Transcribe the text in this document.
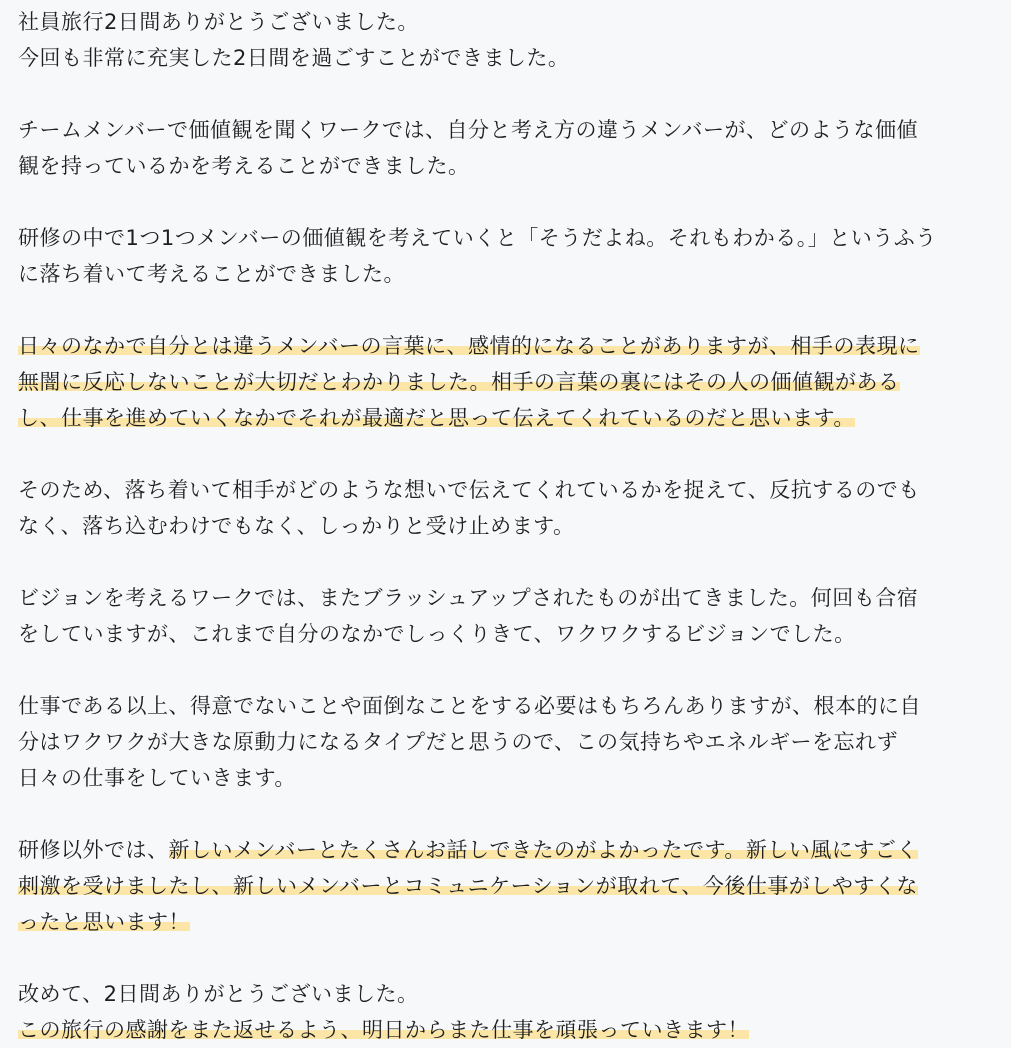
社員旅行2日間ありがとうございました。
今回も非常に充実した2日間を過ごすことができました。
チームメンバーで価値観を聞くワークでは、自分と考え方の違うメンバーが、どのような価値
観を持っているかを考えることができました。
研修の中で1つ1つメンバーの価値観を考えていくと「そうだよね。それもわかる。」というふう
に落ち着いて考えることができました。
日々のなかで自分とは違うメンバーの言葉に、感情的になることがありますが、相手の表現に
無闇に反応しないことが大切だとわかりました。相手の言葉の裏にはその人の価値観がある
し、仕事を進めていくなかでそれが最適だと思って伝えてくれているのだと思います。
そのため、落ち着いて相手がどのような想いで伝えてくれているかを捉えて、反抗するのでも
なく、落ち込むわけでもなく、しっかりと受け止めます。
ビジョンを考えるワークでは、またブラッシュアップされたものが出てきました。何回も合宿
をしていますが、これまで自分のなかでしっくりきて、ワクワクするビジョンでした。
仕事である以上、得意でないことや面倒なことをする必要はもちろんありますが、根本的に自
分はワクワクが大きな原動力になるタイプだと思うので、この気持ちやエネルギーを忘れず
日々の仕事をしていきます。
研修以外では、新しいメンバーとたくさんお話しできたのがよかったです。新しい風にすごく
刺激を受けましたし、新しいメンバーとコミュニケーションが取れて、今後仕事がしやすくな
ったと思います！
改めて、2日間ありがとうございました。
この旅行の感謝をまた返せるよう、明日からまた仕事を頑張っていきます！
